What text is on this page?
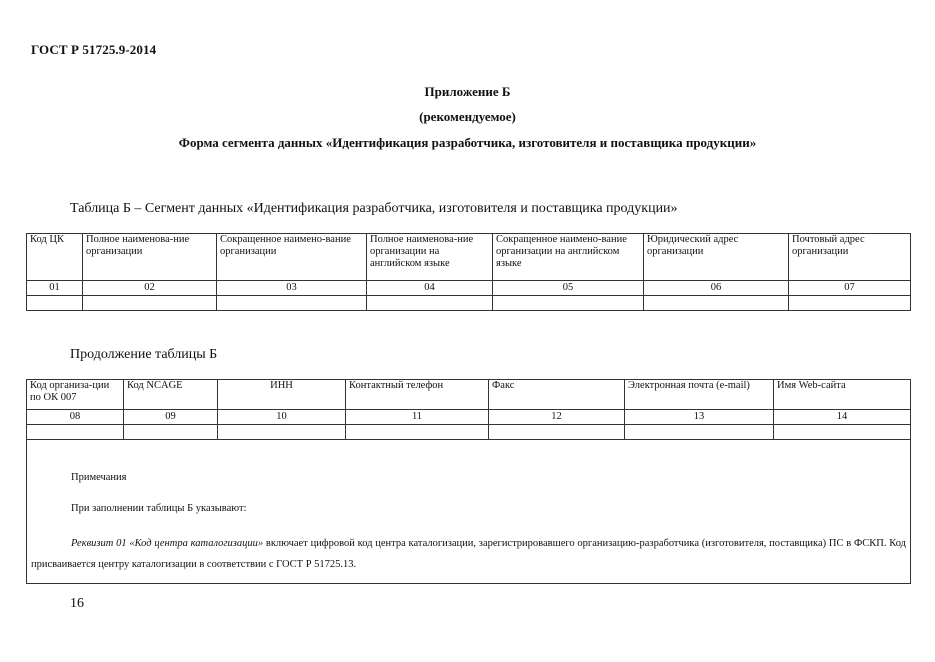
ГОСТ Р 51725.9-2014
Приложение Б
(рекомендуемое)
Форма сегмента данных «Идентификация разработчика, изготовителя и поставщика продукции»
Таблица Б – Сегмент данных «Идентификация разработчика, изготовителя и поставщика продукции»
Код ЦК	Полное наименова-ние организации	Сокращенное наимено-вание организации	Полное наименова-ние организации на английском языке	Сокращенное наимено-вание организации на английском языке	Юридический адрес организации	Почтовый адрес организации
01	02	03	04	05	06	07

Продолжение таблицы Б
Код организа-ции по ОК 007	Код NCAGE	ИНН	Контактный телефон	Факс	Электронная почта (e-mail)	Имя Web-сайта
08	09	10	11	12	13	14

Примечания
При заполнении таблицы Б указывают:
Реквизит 01 «Код центра каталогизации» включает цифровой код центра каталогизации, зарегистрировавшего организацию-разработчика (изготовителя, поставщика) ПС в ФСКП. Код присваивается центру каталогизации в соответствии с ГОСТ Р 51725.13.						
16
